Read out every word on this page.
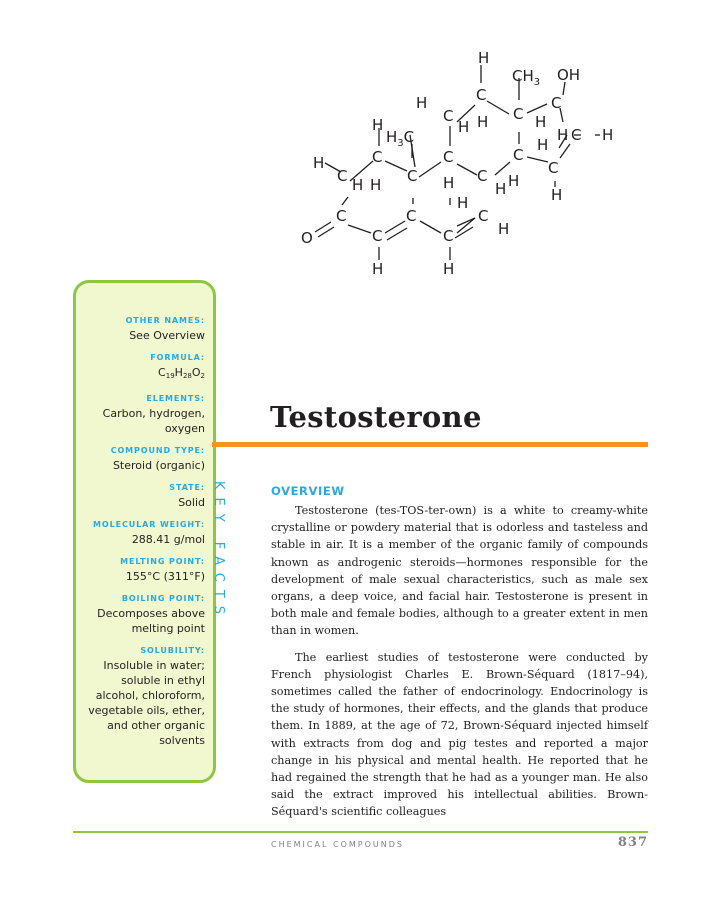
H
$CH_3$ OH
C
H
C
H H C
C
H
H
$H_3C$	H C H
H
C	C	C
H	C
C	C	C
H H	H	H
H	H
H
C	C	C
H
O	C	C
H	H
OTHER NAMES:
See Overview
FORMULA:
$C_{19}H_{28}O_2$
ELEMENTS:
Carbon, hydrogen, oxygen
COMPOUND TYPE:
Steroid (organic)
STATE:
Solid
MOLECULAR WEIGHT:
288.41 g/mol
MELTING POINT:
155°C (311°F)
BOILING POINT:
Decomposes above melting point
SOLUBILITY:
Insoluble in water; soluble in ethyl alcohol, chloroform, vegetable oils, ether, and other organic solvents
KEY FACTS
Testosterone
OVERVIEW

Testosterone (tes-TOS-ter-own) is a white to creamy-white crystalline or powdery material that is odorless and tasteless and stable in air. It is a member of the organic family of compounds known as androgenic steroids—hormones responsible for the development of male sexual characteristics, such as male sex organs, a deep voice, and facial hair. Testosterone is present in both male and female bodies, although to a greater extent in men than in women.

The earliest studies of testosterone were conducted by French physiologist Charles E. Brown-Séquard (1817–94), sometimes called the father of endocrinology. Endocrinology is the study of hormones, their effects, and the glands that produce them. In 1889, at the age of 72, Brown-Séquard injected himself with extracts from dog and pig testes and reported a major change in his physical and mental health. He reported that he had regained the strength that he had as a younger man. He also said the extract improved his intellectual abilities. Brown-Séquard's scientific colleagues

CHEMICAL COMPOUNDS	837
